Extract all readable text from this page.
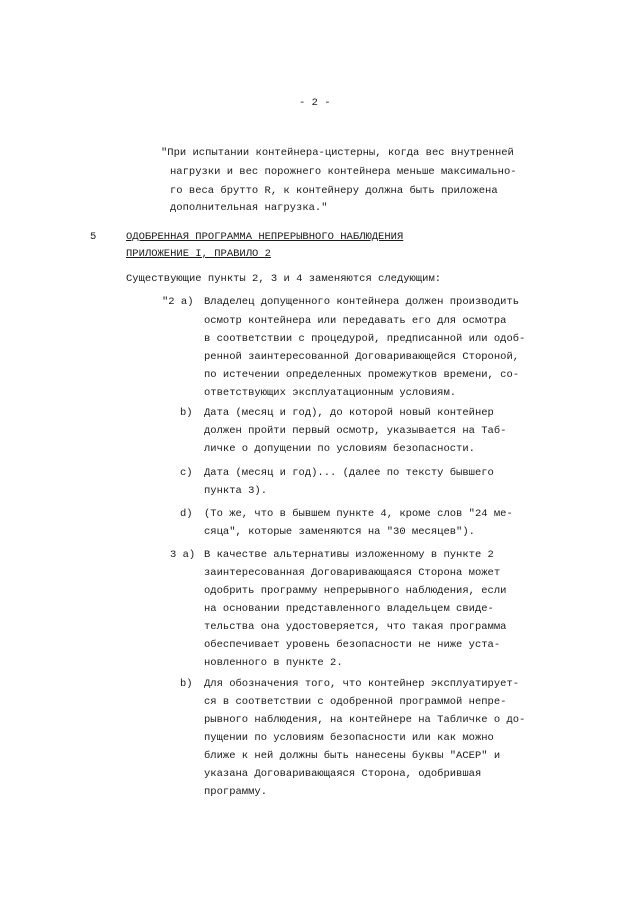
- 2 -
"При испытании контейнера-цистерны, когда вес внутренней
нагрузки и вес порожнего контейнера меньше максимально-
го веса брутто R, к контейнеру должна быть приложена
дополнительная нагрузка."
5	ОДОБРЕННАЯ ПРОГРАММА НЕПРЕРЫВНОГО НАБЛЮДЕНИЯ
ПРИЛОЖЕНИЕ I, ПРАВИЛО 2
Существующие пункты 2, 3 и 4 заменяются следующим:
"2 a) Владелец допущенного контейнера должен производить
осмотр контейнера или передавать его для осмотра
в соответствии с процедурой, предписанной или одоб-
ренной заинтересованной Договаривающейся Стороной,
по истечении определенных промежутков времени, со-
ответствующих эксплуатационным условиям.
b) Дата (месяц и год), до которой новый контейнер
должен пройти первый осмотр, указывается на Таб-
личке о допущении по условиям безопасности.
c) Дата (месяц и год)... (далее по тексту бывшего
пункта 3).
d) (То же, что в бывшем пункте 4, кроме слов "24 ме-
сяца", которые заменяются на "30 месяцев").
3 a) В качестве альтернативы изложенному в пункте 2
заинтересованная Договаривающаяся Сторона может
одобрить программу непрерывного наблюдения, если
на основании представленного владельцем свиде-
тельства она удостоверяется, что такая программа
обеспечивает уровень безопасности не ниже уста-
новленного в пункте 2.
b) Для обозначения того, что контейнер эксплуатирует-
ся в соответствии с одобренной программой непре-
рывного наблюдения, на контейнере на Табличке о до-
пущении по условиям безопасности или как можно
ближе к ней должны быть нанесены буквы "ACEP" и
указана Договаривающаяся Сторона, одобрившая
программу.
